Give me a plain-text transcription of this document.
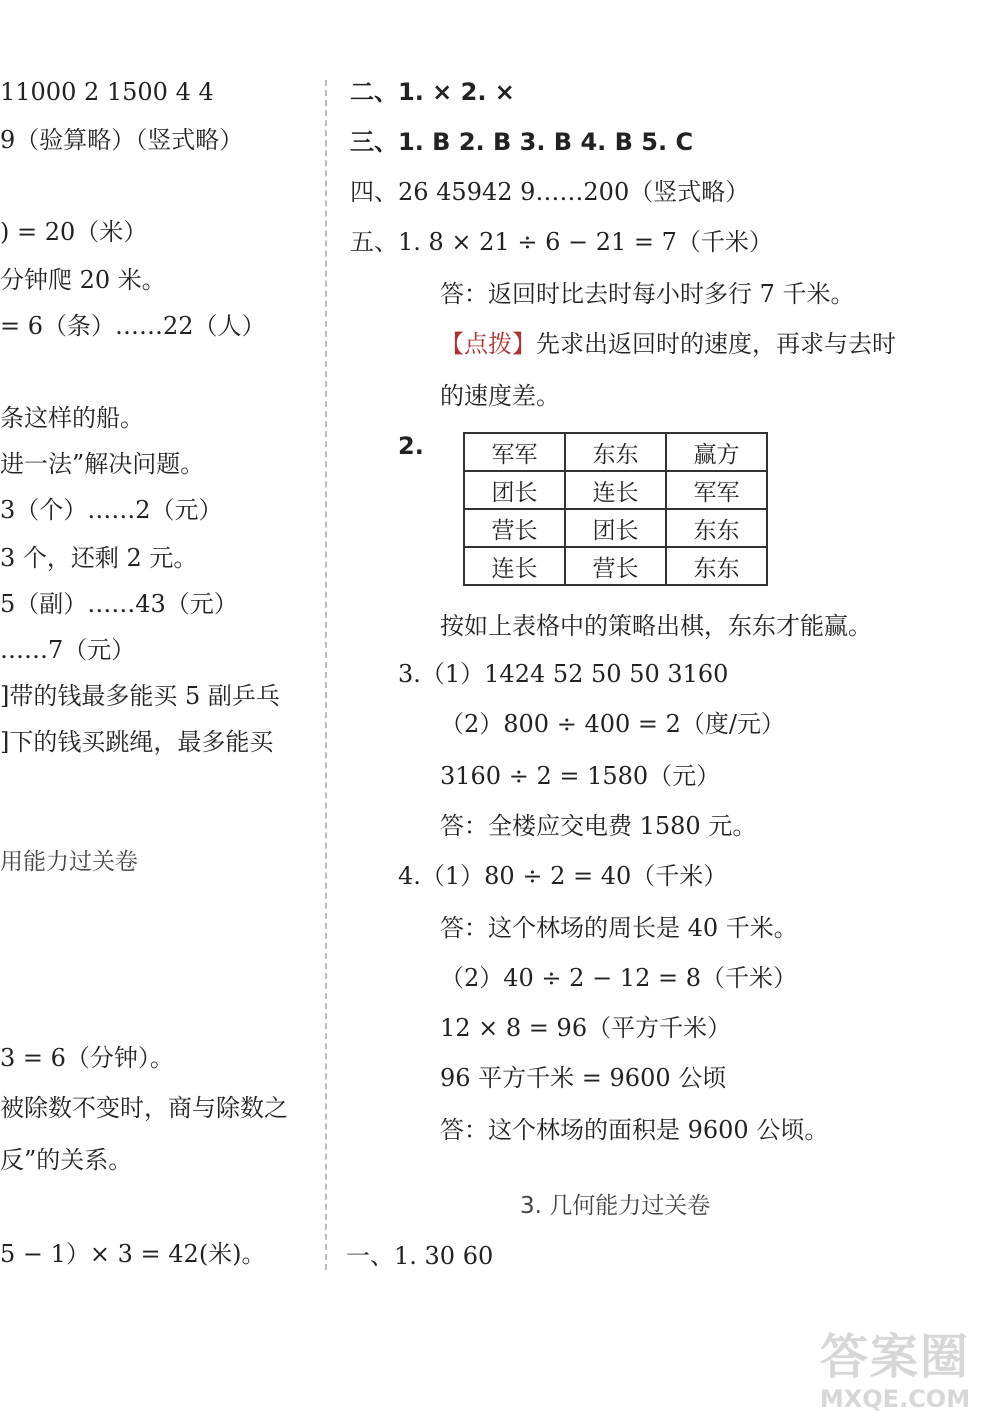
11000 2 1500 4 4
9（验算略）（竖式略）
) = 20（米）
分钟爬 20 米。
= 6（条）……22（人）
条这样的船。
进一法”解决问题。
3（个）……2（元）
3 个，还剩 2 元。
5（副）……43（元）
……7（元）
]带的钱最多能买 5 副乒乓
]下的钱买跳绳，最多能买
用能力过关卷
3 = 6（分钟）。
被除数不变时，商与除数之
反”的关系。
5 − 1）× 3 = 42(米)。
二、1. × 2. ×
三、1. B 2. B 3. B 4. B 5. C
四、26 45942 9……200（竖式略）
五、1. 8 × 21 ÷ 6 − 21 = 7（千米）
答：返回时比去时每小时多行 7 千米。
【点拨】先求出返回时的速度，再求与去时
的速度差。
2.	军军	东东	赢方
团长	连长	军军
营长	团长	东东
连长	营长	东东
按如上表格中的策略出棋，东东才能赢。
3.（1）1424 52 50 50 3160
（2）800 ÷ 400 = 2（度/元）
3160 ÷ 2 = 1580（元）
答：全楼应交电费 1580 元。
4.（1）80 ÷ 2 = 40（千米）
答：这个林场的周长是 40 千米。
（2）40 ÷ 2 − 12 = 8（千米）
12 × 8 = 96（平方千米）
96 平方千米 = 9600 公顷
答：这个林场的面积是 9600 公顷。
3. 几何能力过关卷
一、1. 30 60
答案圈
MXQE.COM
